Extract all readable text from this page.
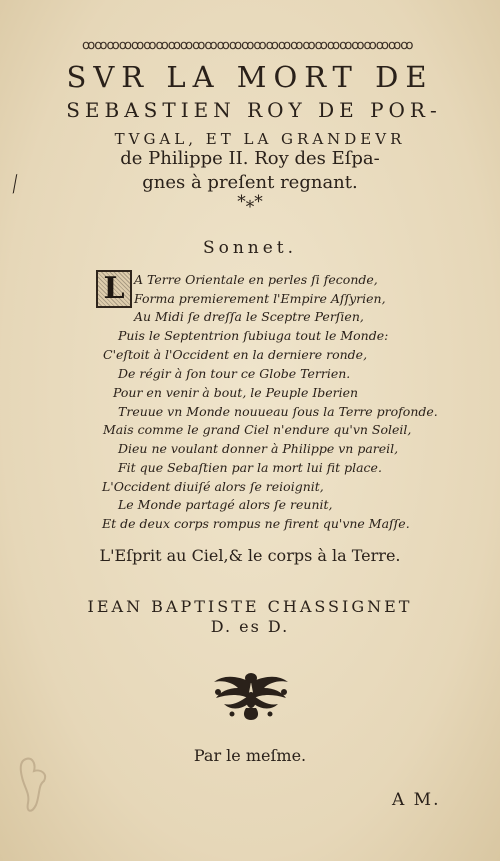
ꝏꝏꝏꝏꝏꝏꝏꝏꝏꝏꝏꝏꝏꝏꝏꝏꝏꝏꝏꝏꝏꝏꝏꝏꝏꝏꝏ
SVR LA MORT DE
SEBASTIEN ROY DE POR-
TVGAL, ET LA GRANDEVR
de Philippe II. Roy des Eſpa-
gnes à preſent regnant.
*⁎*
Sonnet.
L A Terre Orientale en perles ſi feconde,
Forma premierement l'Empire Aſſyrien,
Au Midi ſe dreſſa le Sceptre Perſien,
Puis le Septentrion ſubiuga tout le Monde:
C'eſtoit à l'Occident en la derniere ronde,
De régir à ſon tour ce Globe Terrien.
Pour en venir à bout, le Peuple Iberien
Treuue vn Monde nouueau ſous la Terre profonde.
Mais comme le grand Ciel n'endure qu'vn Soleil,
Dieu ne voulant donner à Philippe vn pareil,
Fit que Sebaſtien par la mort lui fit place.
L'Occident diuiſé alors ſe reioignit,
Le Monde partagé alors ſe reunit,
Et de deux corps rompus ne firent qu'vne Maſſe.
L'Eſprit au Ciel,& le corps à la Terre.
IEAN BAPTISTE CHASSIGNET
D. es D.
Par le meſme.
A M.
⟋
